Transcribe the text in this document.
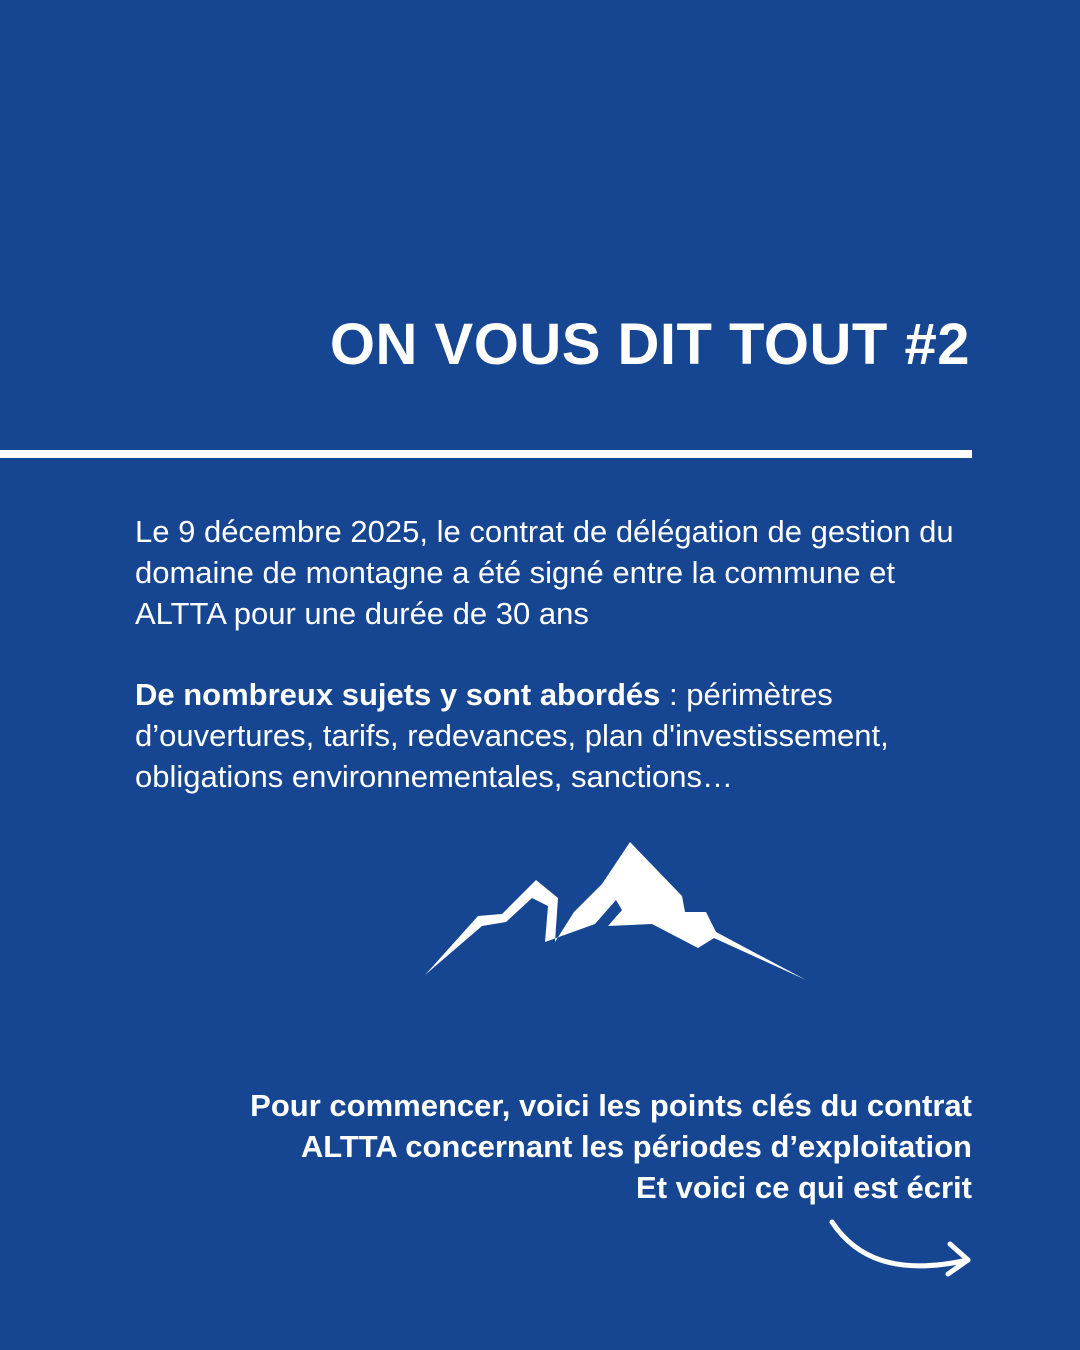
ON VOUS DIT TOUT #2

Le 9 décembre 2025, le contrat de délégation de gestion du domaine de montagne a été signé entre la commune et ALTTA pour une durée de 30 ans

De nombreux sujets y sont abordés : périmètres d’ouvertures, tarifs, redevances, plan d'investissement, obligations environnementales, sanctions…

Pour commencer, voici les points clés du contrat
ALTTA concernant les périodes d’exploitation
Et voici ce qui est écrit
